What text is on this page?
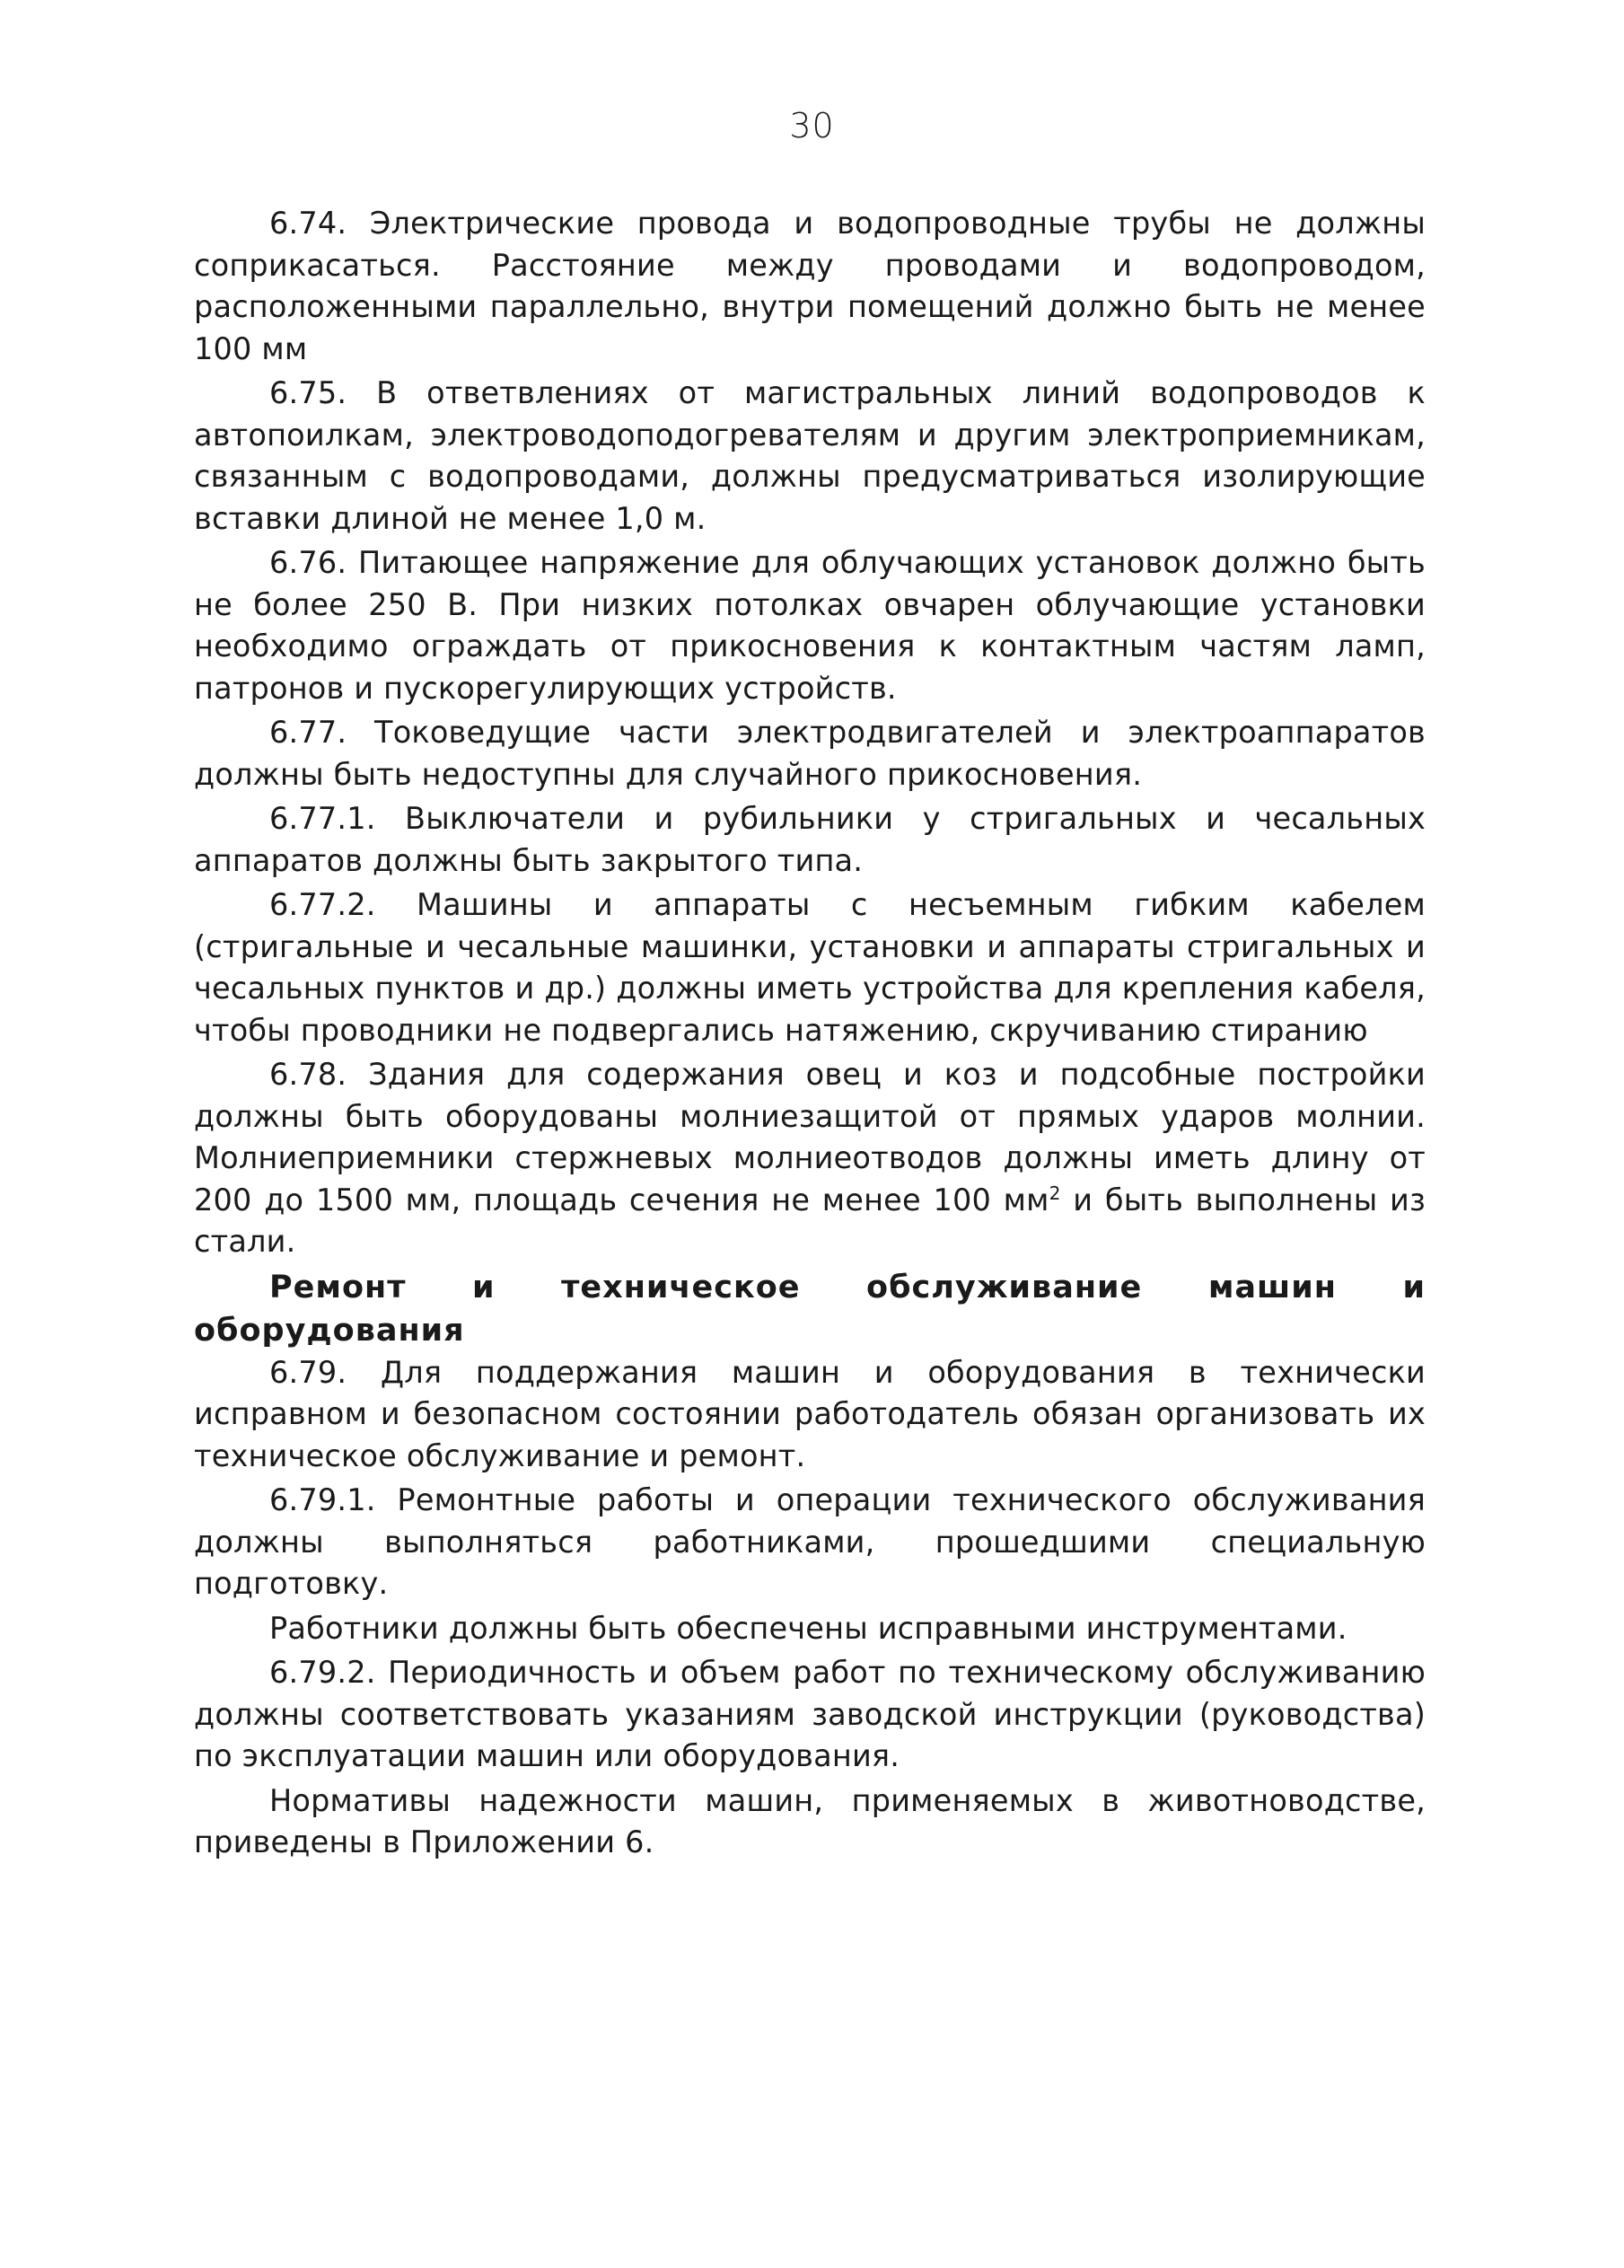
30

6.74. Электрические провода и водопроводные трубы не должны соприкасаться. Расстояние между проводами и водопроводом, расположенными параллельно, внутри помещений должно быть не менее 100 мм

6.75. В ответвлениях от магистральных линий водопроводов к автопоилкам, электроводоподогревателям и другим электроприемникам, связанным с водопроводами, должны предусматриваться изолирующие вставки длиной не менее 1,0 м.

6.76. Питающее напряжение для облучающих установок должно быть не более 250 В. При низких потолках овчарен облучающие установки необходимо ограждать от прикосновения к контактным частям ламп, патронов и пускорегулирующих устройств.

6.77. Токоведущие части электродвигателей и электроаппаратов должны быть недоступны для случайного прикосновения.

6.77.1. Выключатели и рубильники у стригальных и чесальных аппаратов должны быть закрытого типа.

6.77.2. Машины и аппараты с несъемным гибким кабелем (стригальные и чесальные машинки, установки и аппараты стригальных и чесальных пунктов и др.) должны иметь устройства для крепления кабеля, чтобы проводники не подвергались натяжению, скручиванию стиранию

6.78. Здания для содержания овец и коз и подсобные постройки должны быть оборудованы молниезащитой от прямых ударов молнии. Молниеприемники стержневых молниеотводов должны иметь длину от 200 до 1500 мм, площадь сечения не менее 100 $мм^2$ и быть выполнены из стали.

Ремонт и техническое обслуживание машин и оборудования

6.79. Для поддержания машин и оборудования в технически исправном и безопасном состоянии работодатель обязан организовать их техническое обслуживание и ремонт.

6.79.1. Ремонтные работы и операции технического обслуживания должны выполняться работниками, прошедшими специальную подготовку.

Работники должны быть обеспечены исправными инструментами.

6.79.2. Периодичность и объем работ по техническому обслуживанию должны соответствовать указаниям заводской инструкции (руководства) по эксплуатации машин или оборудования.

Нормативы надежности машин, применяемых в животноводстве, приведены в Приложении 6.
